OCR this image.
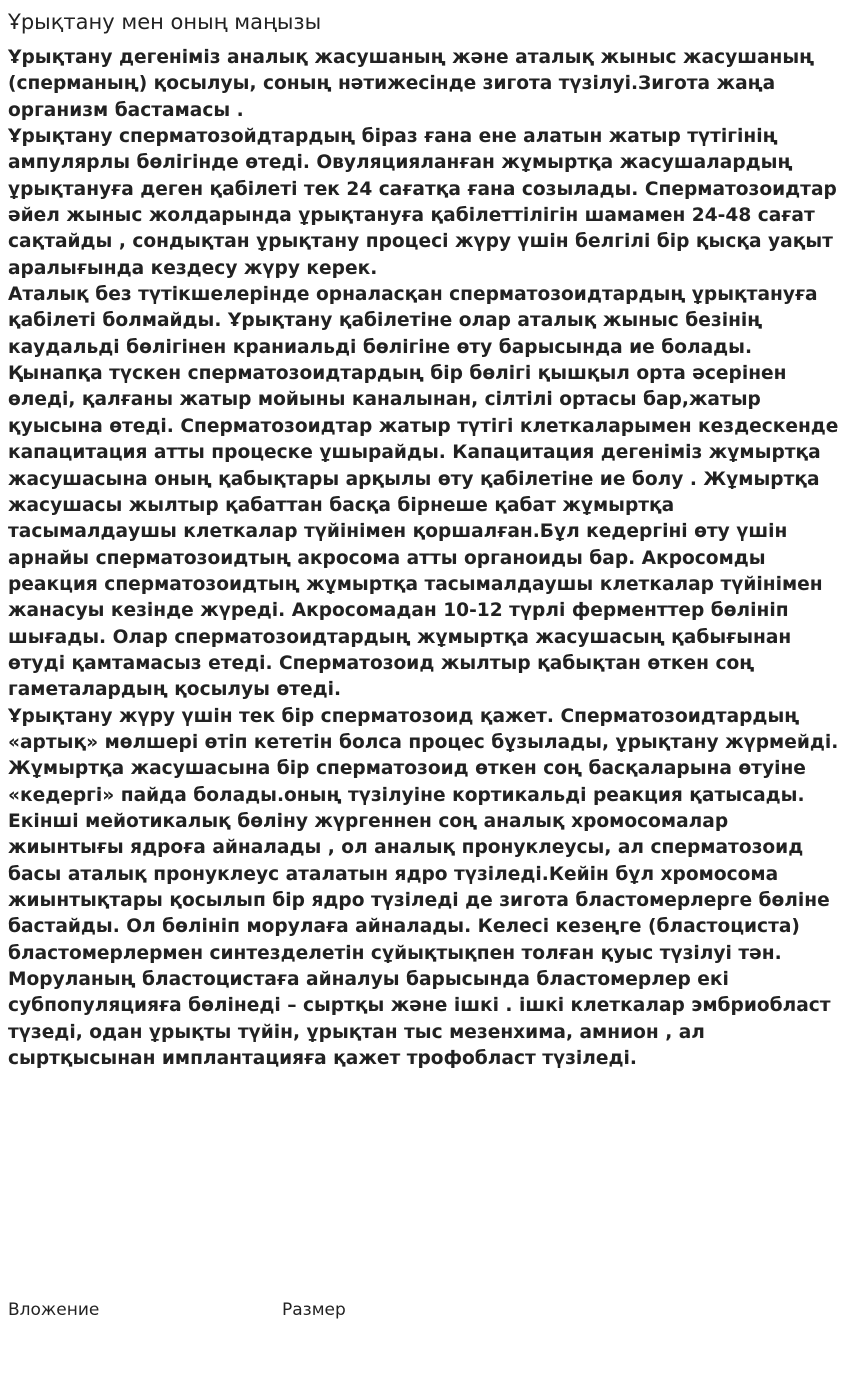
Ұрықтану мен оның маңызы

Ұрықтану дегеніміз аналық жасушаның және аталық жыныс жасушаның (сперманың) қосылуы, соның нәтижесінде зигота түзілуі.Зигота жаңа организм бастамасы .

Ұрықтану сперматозойдтардың біраз ғана ене алатын жатыр түтігінің ампулярлы бөлігінде өтеді. Овуляцияланған жұмыртқа жасушалардың ұрықтануға деген қабілеті тек 24 сағатқа ғана созылады. Сперматозоидтар әйел жыныс жолдарында ұрықтануға қабілеттілігін шамамен 24-48 сағат сақтайды , сондықтан ұрықтану процесі жүру үшін белгілі бір қысқа уақыт аралығында кездесу жүру керек.

Аталық без түтікшелерінде орналасқан сперматозоидтардың ұрықтануға қабілеті болмайды. Ұрықтану қабілетіне олар аталық жыныс безінің каудальді бөлігінен краниальді бөлігіне өту барысында ие болады.

Қынапқа түскен сперматозоидтардың бір бөлігі қышқыл орта әсерінен өледі, қалғаны жатыр мойыны каналынан, сілтілі ортасы бар,жатыр қуысына өтеді. Сперматозоидтар жатыр түтігі клеткаларымен кездескенде капацитация атты процеске ұшырайды. Капацитация дегеніміз жұмыртқа жасушасына оның қабықтары арқылы өту қабілетіне ие болу . Жұмыртқа жасушасы жылтыр қабаттан басқа бірнеше қабат жұмыртқа тасымалдаушы клеткалар түйінімен қоршалған.Бұл кедергіні өту үшін арнайы сперматозоидтың акросома атты органоиды бар. Акросомды реакция сперматозоидтың жұмыртқа тасымалдаушы клеткалар түйінімен жанасуы кезінде жүреді. Акросомадан 10-12 түрлі ферменттер бөлініп шығады. Олар сперматозоидтардың жұмыртқа жасушасың қабығынан өтуді қамтамасыз етеді. Сперматозоид жылтыр қабықтан өткен соң гаметалардың қосылуы өтеді.

Ұрықтану жүру үшін тек бір сперматозоид қажет. Сперматозоидтардың «артық» мөлшері өтіп кететін болса процес бұзылады, ұрықтану жүрмейді.

Жұмыртқа жасушасына бір сперматозоид өткен соң басқаларына өтуіне «кедергі» пайда болады.оның түзілуіне кортикальді реакция қатысады. Екінші мейотикалық бөліну жүргеннен соң аналық хромосомалар жиынтығы ядроға айналады , ол аналық пронуклеусы, ал сперматозоид басы аталық пронуклеус аталатын ядро түзіледі.Кейін бұл хромосома жиынтықтары қосылып бір ядро түзіледі де зигота бластомерлерге бөліне бастайды. Ол бөлініп морулаға айналады. Келесі кезеңге (бластоциста) бластомерлермен синтезделетін сұйықтықпен толған қуыс түзілуі тән. Моруланың бластоцистаға айналуы барысында бластомерлер екі субпопуляцияға бөлінеді – сыртқы және ішкі . ішкі клеткалар эмбриобласт түзеді, одан ұрықты түйін, ұрықтан тыс мезенхима, амнион , ал сыртқысынан имплантацияға қажет трофобласт түзіледі.

Вложение	Размер
